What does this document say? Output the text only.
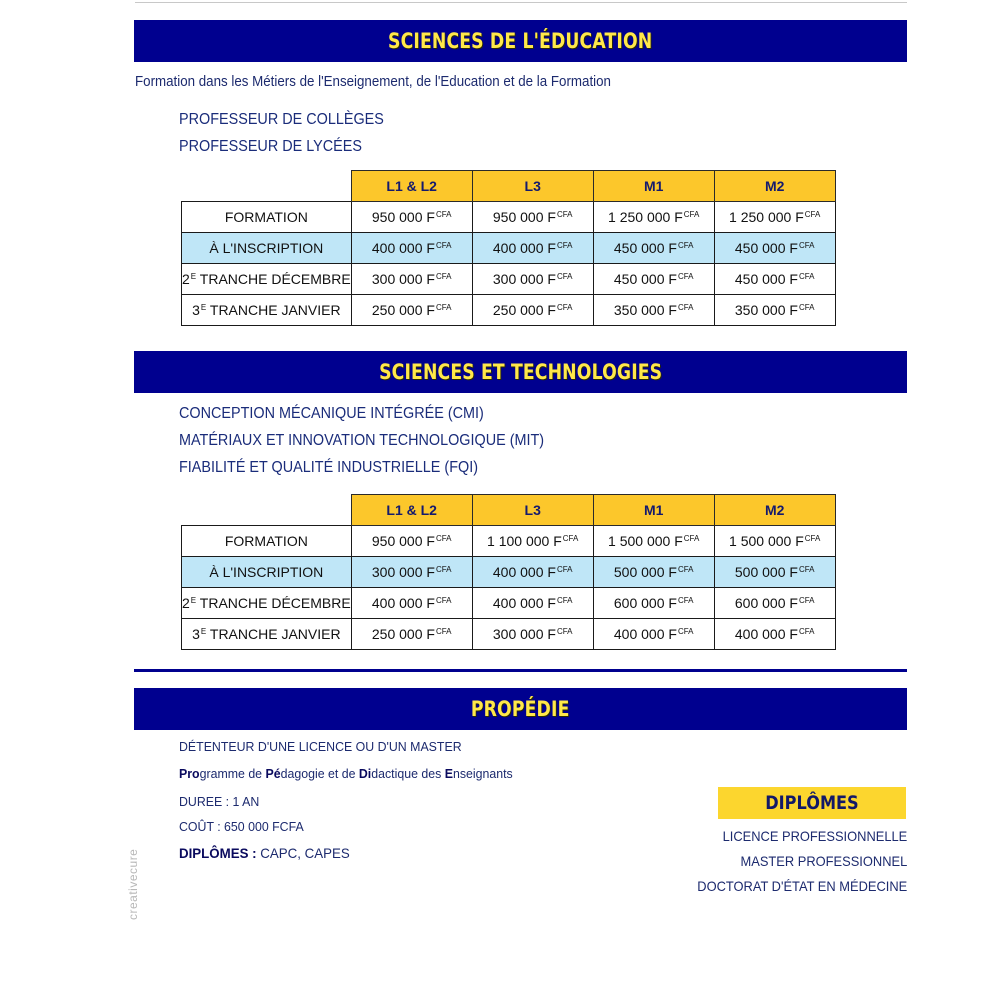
SCIENCES DE L'ÉDUCATION
Formation dans les Métiers de l'Enseignement, de l'Education et de la Formation
PROFESSEUR DE COLLÈGES
PROFESSEUR DE LYCÉES
	L1 & L2	L3	M1	M2
FORMATION	950 000 $F^{CFA}$	950 000 $F^{CFA}$	1 250 000 $F^{CFA}$	1 250 000 $F^{CFA}$
À L'INSCRIPTION	400 000 $F^{CFA}$	400 000 $F^{CFA}$	450 000 $F^{CFA}$	450 000 $F^{CFA}$
$2^E$ TRANCHE DÉCEMBRE	300 000 $F^{CFA}$	300 000 $F^{CFA}$	450 000 $F^{CFA}$	450 000 $F^{CFA}$
$3^E$ TRANCHE JANVIER	250 000 $F^{CFA}$	250 000 $F^{CFA}$	350 000 $F^{CFA}$	350 000 $F^{CFA}$
SCIENCES ET TECHNOLOGIES
CONCEPTION MÉCANIQUE INTÉGRÉE (CMI)
MATÉRIAUX ET INNOVATION TECHNOLOGIQUE (MIT)
FIABILITÉ ET QUALITÉ INDUSTRIELLE (FQI)
	L1 & L2	L3	M1	M2
FORMATION	950 000 $F^{CFA}$	1 100 000 $F^{CFA}$	1 500 000 $F^{CFA}$	1 500 000 $F^{CFA}$
À L'INSCRIPTION	300 000 $F^{CFA}$	400 000 $F^{CFA}$	500 000 $F^{CFA}$	500 000 $F^{CFA}$
$2^E$ TRANCHE DÉCEMBRE	400 000 $F^{CFA}$	400 000 $F^{CFA}$	600 000 $F^{CFA}$	600 000 $F^{CFA}$
$3^E$ TRANCHE JANVIER	250 000 $F^{CFA}$	300 000 $F^{CFA}$	400 000 $F^{CFA}$	400 000 $F^{CFA}$
PROPÉDIE
DÉTENTEUR D'UNE LICENCE OU D'UN MASTER
Programme de Pédagogie et de Didactique des Enseignants
DUREE : 1 AN
COÛT : 650 000 FCFA
DIPLÔMES : CAPC, CAPES
DIPLÔMES
LICENCE PROFESSIONNELLE
MASTER PROFESSIONNEL
DOCTORAT D'ÉTAT EN MÉDECINE
creativecure
